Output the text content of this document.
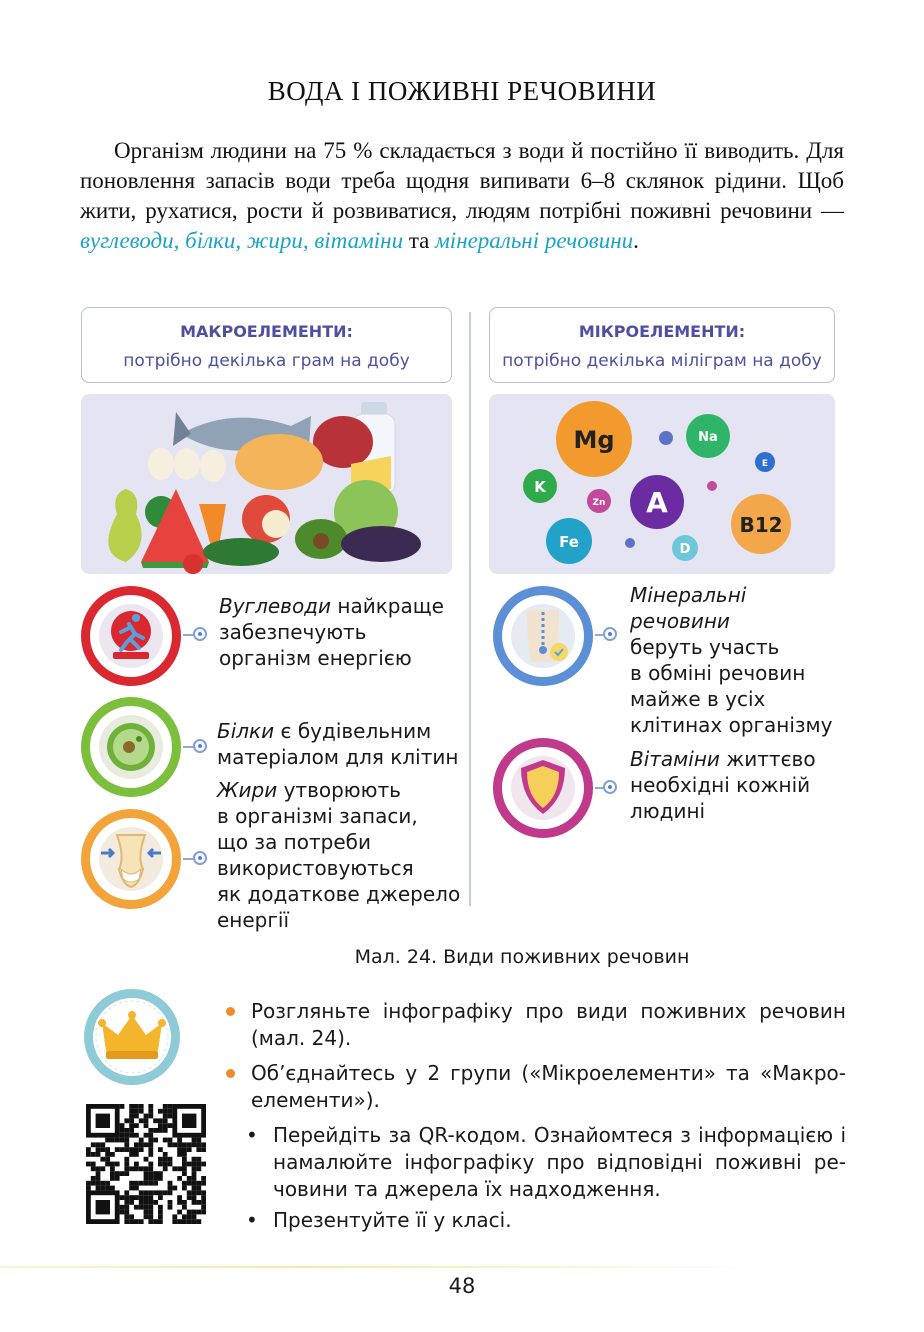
ВОДА І ПОЖИВНІ РЕЧОВИНИ
Організм людини на 75 % складається з води й постійно її виводить. Для поновлення запасів води треба щодня випивати 6–8 склянок рідини. Щоб жити, рухатися, рости й розвиватися, людям потрібні поживні речовини — вуглеводи, білки, жири, вітаміни та мінеральні речовини.
МАКРОЕЛЕМЕНТИ:
потрібно декілька грам на добу
МІКРОЕЛЕМЕНТИ:
потрібно декілька міліграм на добу
Mg	Na
K
Zn A
E
Fe	D
B12
Вуглеводи найкраще
забезпечують
організм енергією
Білки є будівельним
матеріалом для клітин
Жири утворюють
в організмі запаси,
що за потреби
використовуються
як додаткове джерело
енергії
Мінеральні речовини
беруть участь
в обміні речовин
майже в усіх
клітинах організму
Вітаміни життєво
необхідні кожній
людині
Мал. 24. Види поживних речовин
Розгляньте інфографіку про види поживних речовин (мал. 24).
Об’єднайтесь у 2 групи («Мікроелементи» та «Макроелементи»).
• Перейдіть за QR-кодом. Ознайомтеся з інформацією і намалюйте інфографіку про відповідні поживні речовини та джерела їх надходження.
• Презентуйте її у класі.
48
